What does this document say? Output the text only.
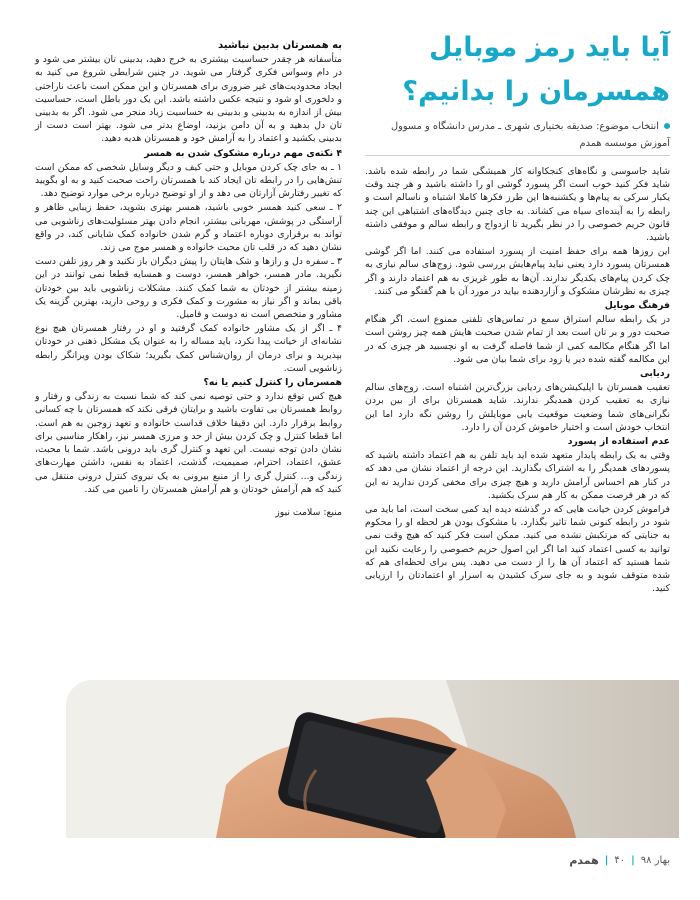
آیا باید رمز موبایل
همسرمان را بدانیم؟
انتخاب موضوع: صدیقه بختیاری شهری ـ مدرس دانشگاه و مسوول آموزش موسسه همدم

شاید جاسوسی و نگاه‌های کنجکاوانه کار همیشگی شما در رابطه شده باشد. شاید فکر کنید خوب است اگر پسورد گوشی او را داشته باشید و هر چند وقت یکبار سرکی به پیام‌ها و یکشنبه‌ها این طرز فکرها کاملا اشتباه و ناسالم است و رابطه را به آینده‌ای سیاه می کشاند. به جای چنین دیدگاه‌های اشتباهی این چند قانون حریم خصوصی را در نظر بگیرید تا ازدواج و رابطه سالم و موفقی داشته باشید.

این روزها همه برای حفظ امنیت از پسورد استفاده می کنند. اما اگر گوشی همسرتان پسورد دارد یعنی نباید پیام‌هایش بررسی شود. زوج‌های سالم نیازی به چک کردن پیام‌های یکدیگر ندارند. آن‌ها به طور غریزی به هم اعتماد دارند و اگر چیزی به نظرشان مشکوک و آزاردهنده بیاید در مورد آن با هم گفتگو می کنند.

فرهنگ موبایل

در یک رابطه سالم استراق سمع در تماس‌های تلفنی ممنوع است. اگر هنگام صحبت دور و بر تان است بعد از تمام شدن صحبت هایش همه چیز روشن است اما اگر هنگام مکالمه کمی از شما فاصله گرفت به او نچسبید هر چیزی که در این مکالمه گفته شده دیر یا زود برای شما بیان می شود.

ردیابی

تعقیب همسرتان با اپلیکیشن‌های ردیابی بزرگ‌ترین اشتباه است. زوج‌های سالم نیازی به تعقیب کردن همدیگر ندارند. شاید همسرتان برای از بین بردن نگرانی‌های شما وضعیت موقعیت یابی موبایلش را روشن نگه دارد اما این انتخاب خودش است و اختیار خاموش کردن آن را دارد.

عدم استفاده از پسورد

وقتی به یک رابطه پایدار متعهد شده اید باید تلفن به هم اعتماد داشته باشید که پسوردهای همدیگر را به اشتراک بگذارید. این درجه از اعتماد نشان می دهد که در کنار هم احساس آرامش دارید و هیچ چیزی برای مخفی کردن ندارید نه این که در هر فرصت ممکن به کار هم سرک بکشید.

فراموش کردن خیانت هایی که در گذشته دیده اید کمی سخت است، اما باید می شود در رابطه کنونی شما تاثیر بگذارد. با مشکوک بودن هر لحظه او را محکوم به جنایتی که مرتکبش نشده می کنید. ممکن است فکر کنید که هیچ وقت نمی توانید به کسی اعتماد کنید اما اگر این اصول حریم خصوصی را رعایت نکنید این شما هستید که اعتماد آن ها را از دست می دهید. پس برای لحظه‌ای هم که شده متوقف شوید و به جای سرک کشیدن به اسرار او اعتمادتان را ارزیابی کنید.

به همسرتان بدبین نباشید

متأسفانه هر چقدر حساسیت بیشتری به خرج دهید، بدبینی تان بیشتر می شود و در دام وسواس فکری گرفتار می شوید. در چنین شرایطی شروع می کنید به ایجاد محدودیت‌های غیر ضروری برای همسرتان و این ممکن است باعث ناراحتی و دلخوری او شود و نتیجه عکس داشته باشد. این یک دور باطل است، حساسیت بیش از اندازه به بدبینی و بدبینی به حساسیت زیاد منجر می شود. اگر به بدبینی تان دل بدهید و به آن دامن بزنید، اوضاع بدتر می شود. بهتر است دست از بدبینی بکشید و اعتماد را به آرامش خود و همسرتان هدیه دهید.

۴ نکته‌ی مهم درباره مشکوک شدن به همسر

۱ ـ به جای چک کردن موبایل و حتی کیف و دیگر وسایل شخصی که ممکن است تنش‌هایی را در رابطه تان ایجاد کند با همسرتان راحت صحبت کنید و به او بگویید که تغییر رفتارش آزارتان می دهد و از او توضیح درباره برخی موارد توضیح دهد.

۲ ـ سعی کنید همسر خوبی باشید، همسر بهتری بشوید، حفظ زیبایی ظاهر و آراستگی در پوشش، مهربانی بیشتر، انجام دادن بهتر مسئولیت‌های زناشویی می تواند به برقراری دوباره اعتماد و گرم شدن خانواده کمک شایانی کند، در واقع نشان دهید که در قلب تان محبت خانواده و همسر موج می زند.

۳ ـ سفره دل و رازها و شک هایتان را پیش دیگران باز نکنید و هر روز تلفن دست نگیرید. مادر همسر، خواهر همسر، دوست و همسایه قطعا نمی توانند در این زمینه بیشتر از خودتان به شما کمک کنند. مشکلات زناشویی باید بین خودتان باقی بماند و اگر نیاز به مشورت و کمک فکری و روحی دارید، بهترین گزینه یک مشاور و متخصص است نه دوست و فامیل.

۴ ـ اگر از یک مشاور خانواده کمک گرفتید و او در رفتار همسرتان هیچ نوع نشانه‌ای از خیانت پیدا نکرد، باید مساله را به عنوان یک مشکل ذهنی در خودتان بپذیرید و برای درمان از روان‌شناس کمک بگیرید؛ شکاک بودن ویرانگر رابطه زناشویی است.

همسرمان را کنترل کنیم یا نه؟

هیچ کس توقع ندارد و حتی توصیه نمی کند که شما نسبت به زندگی و رفتار و روابط همسرتان بی تفاوت باشید و برایتان فرقی نکند که همسرتان با چه کسانی روابط برقرار دارد. این دقیقا خلاف قداست خانواده و تعهد زوجین به هم است. اما قطعا کنترل و چک کردن بیش از حد و مرزی همسر نیز، راهکار مناسبی برای نشان دادن توجه نیست. این تعهد و کنترل گری باید درونی باشد. شما با محبت، عشق، اعتماد، احترام، صمیمیت، گذشت، اعتماد به نفس، داشتن مهارت‌های زندگی و... کنترل گری را از منبع بیرونی به یک نیروی کنترل درونی منتقل می کنید که هم آرامش خودتان و هم آرامش همسرتان را تامین می کند.

منبع: سلامت نیوز

بهار ۹۸
|
۴۰
|
همدم
